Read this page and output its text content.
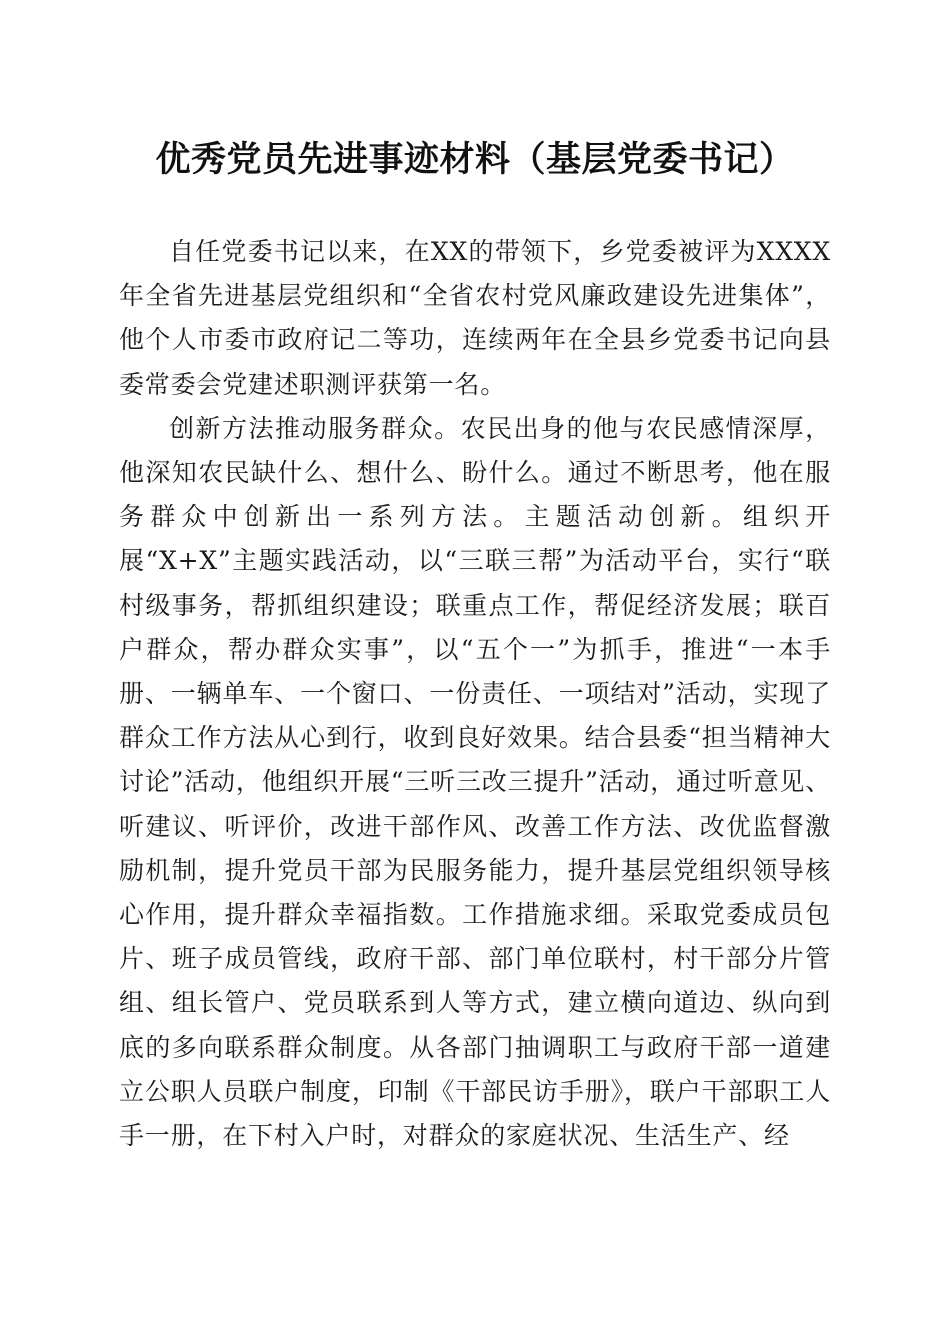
优秀党员先进事迹材料（基层党委书记）

自任党委书记以来，在XX的带领下，乡党委被评为XXXX年全省先进基层党组织和“全省农村党风廉政建设先进集体”，他个人市委市政府记二等功，连续两年在全县乡党委书记向县委常委会党建述职测评获第一名。

创新方法推动服务群众。农民出身的他与农民感情深厚，他深知农民缺什么、想什么、盼什么。通过不断思考，他在服务群众中创新出一系列方法。主题活动创新。组织开展“X+X”主题实践活动，以“三联三帮”为活动平台，实行“联村级事务，帮抓组织建设；联重点工作，帮促经济发展；联百户群众，帮办群众实事”，以“五个一”为抓手，推进“一本手册、一辆单车、一个窗口、一份责任、一项结对”活动，实现了群众工作方法从心到行，收到良好效果。结合县委“担当精神大讨论”活动，他组织开展“三听三改三提升”活动，通过听意见、听建议、听评价，改进干部作风、改善工作方法、改优监督激励机制，提升党员干部为民服务能力，提升基层党组织领导核心作用，提升群众幸福指数。工作措施求细。采取党委成员包片、班子成员管线，政府干部、部门单位联村，村干部分片管组、组长管户、党员联系到人等方式，建立横向道边、纵向到底的多向联系群众制度。从各部门抽调职工与政府干部一道建立公职人员联户制度，印制《干部民访手册》，联户干部职工人手一册，在下村入户时，对群众的家庭状况、生活生产、经
